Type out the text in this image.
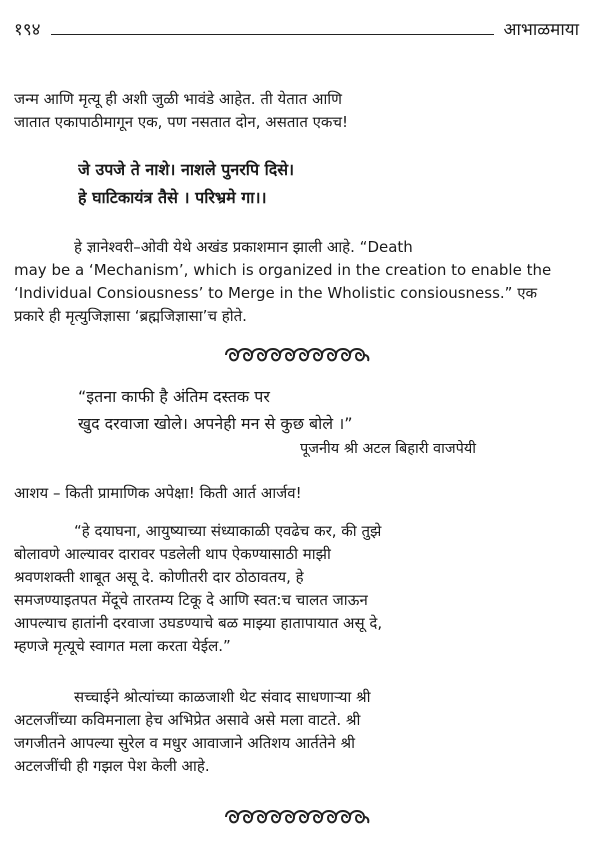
१९४	आभाळमाया
जन्म आणि मृत्यू ही अशी जुळी भावंडे आहेत. ती येतात आणि
जातात एकापाठीमागून एक, पण नसतात दोन, असतात एकच!
जे उपजे ते नाशे। नाशले पुनरपि दिसे।
हे घाटिकायंत्र तैसे । परिभ्रमे गा।।
हे ज्ञानेश्वरी–ओवी येथे अखंड प्रकाशमान झाली आहे. “Death
may be a ‘Mechanism’, which is organized in the creation to enable the
‘Individual Consiousness’ to Merge in the Wholistic consiousness.” एक
प्रकारे ही मृत्युजिज्ञासा ‘ब्रह्मजिज्ञासा’च होते.
“इतना काफी है अंतिम दस्तक पर
खुद दरवाजा खोले। अपनेही मन से कुछ बोले ।”
पूजनीय श्री अटल बिहारी वाजपेयी
आशय – किती प्रामाणिक अपेक्षा! किती आर्त आर्जव!
“हे दयाघना, आयुष्याच्या संध्याकाळी एवढेच कर, की तुझे
बोलावणे आल्यावर दारावर पडलेली थाप ऐकण्यासाठी माझी
श्रवणशक्ती शाबूत असू दे. कोणीतरी दार ठोठावतय, हे
समजण्याइतपत मेंदूचे तारतम्य टिकू दे आणि स्वत:च चालत जाऊन
आपल्याच हातांनी दरवाजा उघडण्याचे बळ माझ्या हातापायात असू दे,
म्हणजे मृत्यूचे स्वागत मला करता येईल.”
सच्चाईने श्रोत्यांच्या काळजाशी थेट संवाद साधणाऱ्या श्री
अटलजींच्या कविमनाला हेच अभिप्रेत असावे असे मला वाटते. श्री
जगजीतने आपल्या सुरेल व मधुर आवाजाने अतिशय आर्ततेने श्री
अटलजींची ही गझल पेश केली आहे.
